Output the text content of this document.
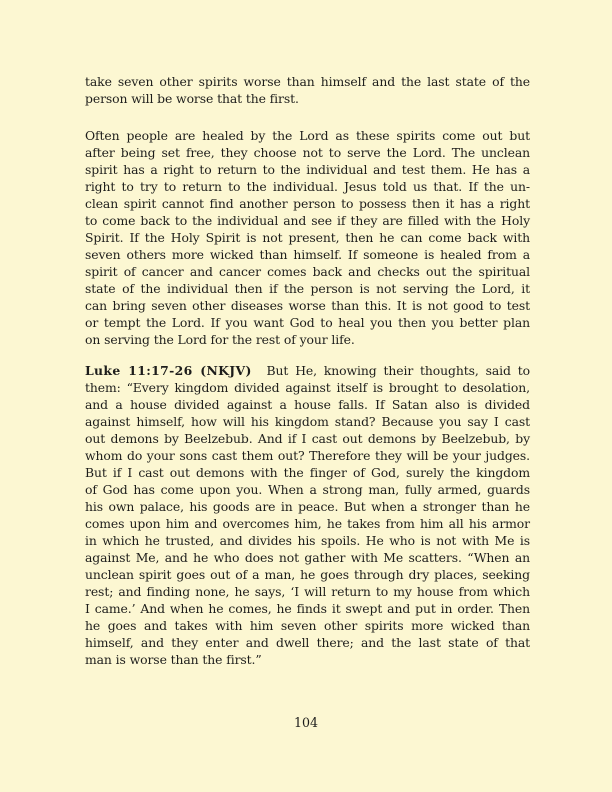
take seven other spirits worse than himself and the last state of the
person will be worse that the first.
Often people are healed by the Lord as these spirits come out but
after being set free, they choose not to serve the Lord. The unclean
spirit has a right to return to the individual and test them. He has a
right to try to return to the individual. Jesus told us that. If the un-
clean spirit cannot find another person to possess then it has a right
to come back to the individual and see if they are filled with the Holy
Spirit. If the Holy Spirit is not present, then he can come back with
seven others more wicked than himself. If someone is healed from a
spirit of cancer and cancer comes back and checks out the spiritual
state of the individual then if the person is not serving the Lord, it
can bring seven other diseases worse than this. It is not good to test
or tempt the Lord. If you want God to heal you then you better plan
on serving the Lord for the rest of your life.
Luke 11:17-26 (NKJV) But He, knowing their thoughts, said to
them: “Every kingdom divided against itself is brought to desolation,
and a house divided against a house falls. If Satan also is divided
against himself, how will his kingdom stand? Because you say I cast
out demons by Beelzebub. And if I cast out demons by Beelzebub, by
whom do your sons cast them out? Therefore they will be your judges.
But if I cast out demons with the finger of God, surely the kingdom
of God has come upon you. When a strong man, fully armed, guards
his own palace, his goods are in peace. But when a stronger than he
comes upon him and overcomes him, he takes from him all his armor
in which he trusted, and divides his spoils. He who is not with Me is
against Me, and he who does not gather with Me scatters. “When an
unclean spirit goes out of a man, he goes through dry places, seeking
rest; and finding none, he says, ‘I will return to my house from which
I came.’ And when he comes, he finds it swept and put in order. Then
he goes and takes with him seven other spirits more wicked than
himself, and they enter and dwell there; and the last state of that
man is worse than the first.”
104
